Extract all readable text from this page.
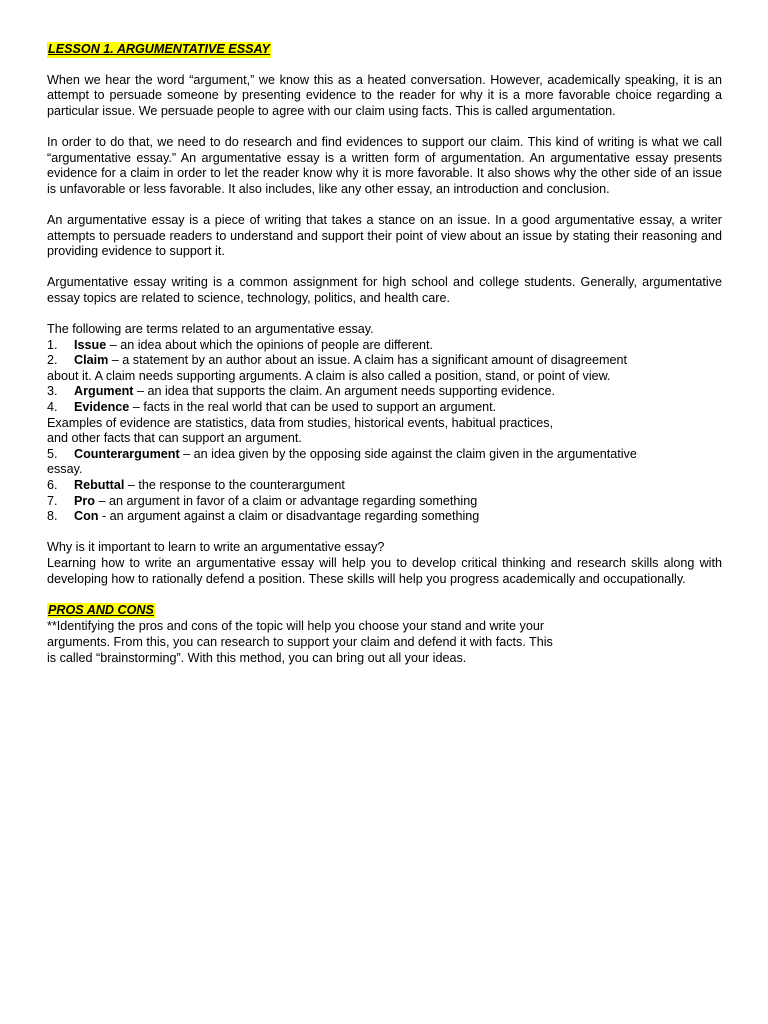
LESSON 1. ARGUMENTATIVE ESSAY

When we hear the word “argument,” we know this as a heated conversation. However, academically speaking, it is an attempt to persuade someone by presenting evidence to the reader for why it is a more favorable choice regarding a particular issue. We persuade people to agree with our claim using facts. This is called argumentation.

In order to do that, we need to do research and find evidences to support our claim. This kind of writing is what we call “argumentative essay.” An argumentative essay is a written form of argumentation. An argumentative essay presents evidence for a claim in order to let the reader know why it is more favorable. It also shows why the other side of an issue is unfavorable or less favorable. It also includes, like any other essay, an introduction and conclusion.

An argumentative essay is a piece of writing that takes a stance on an issue. In a good argumentative essay, a writer attempts to persuade readers to understand and support their point of view about an issue by stating their reasoning and providing evidence to support it.

Argumentative essay writing is a common assignment for high school and college students. Generally, argumentative essay topics are related to science, technology, politics, and health care.

The following are terms related to an argumentative essay.
1. Issue – an idea about which the opinions of people are different.
2. Claim – a statement by an author about an issue. A claim has a significant amount of disagreement
about it. A claim needs supporting arguments. A claim is also called a position, stand, or point of view.
3. Argument – an idea that supports the claim. An argument needs supporting evidence.
4. Evidence – facts in the real world that can be used to support an argument.
Examples of evidence are statistics, data from studies, historical events, habitual practices,
and other facts that can support an argument.
5. Counterargument – an idea given by the opposing side against the claim given in the argumentative
essay.
6. Rebuttal – the response to the counterargument
7. Pro – an argument in favor of a claim or advantage regarding something
8. Con - an argument against a claim or disadvantage regarding something
Why is it important to learn to write an argumentative essay?
Learning how to write an argumentative essay will help you to develop critical thinking and research skills along with developing how to rationally defend a position. These skills will help you progress academically and occupationally.
PROS AND CONS
**Identifying the pros and cons of the topic will help you choose your stand and write your
arguments. From this, you can research to support your claim and defend it with facts. This
is called “brainstorming”. With this method, you can bring out all your ideas.
